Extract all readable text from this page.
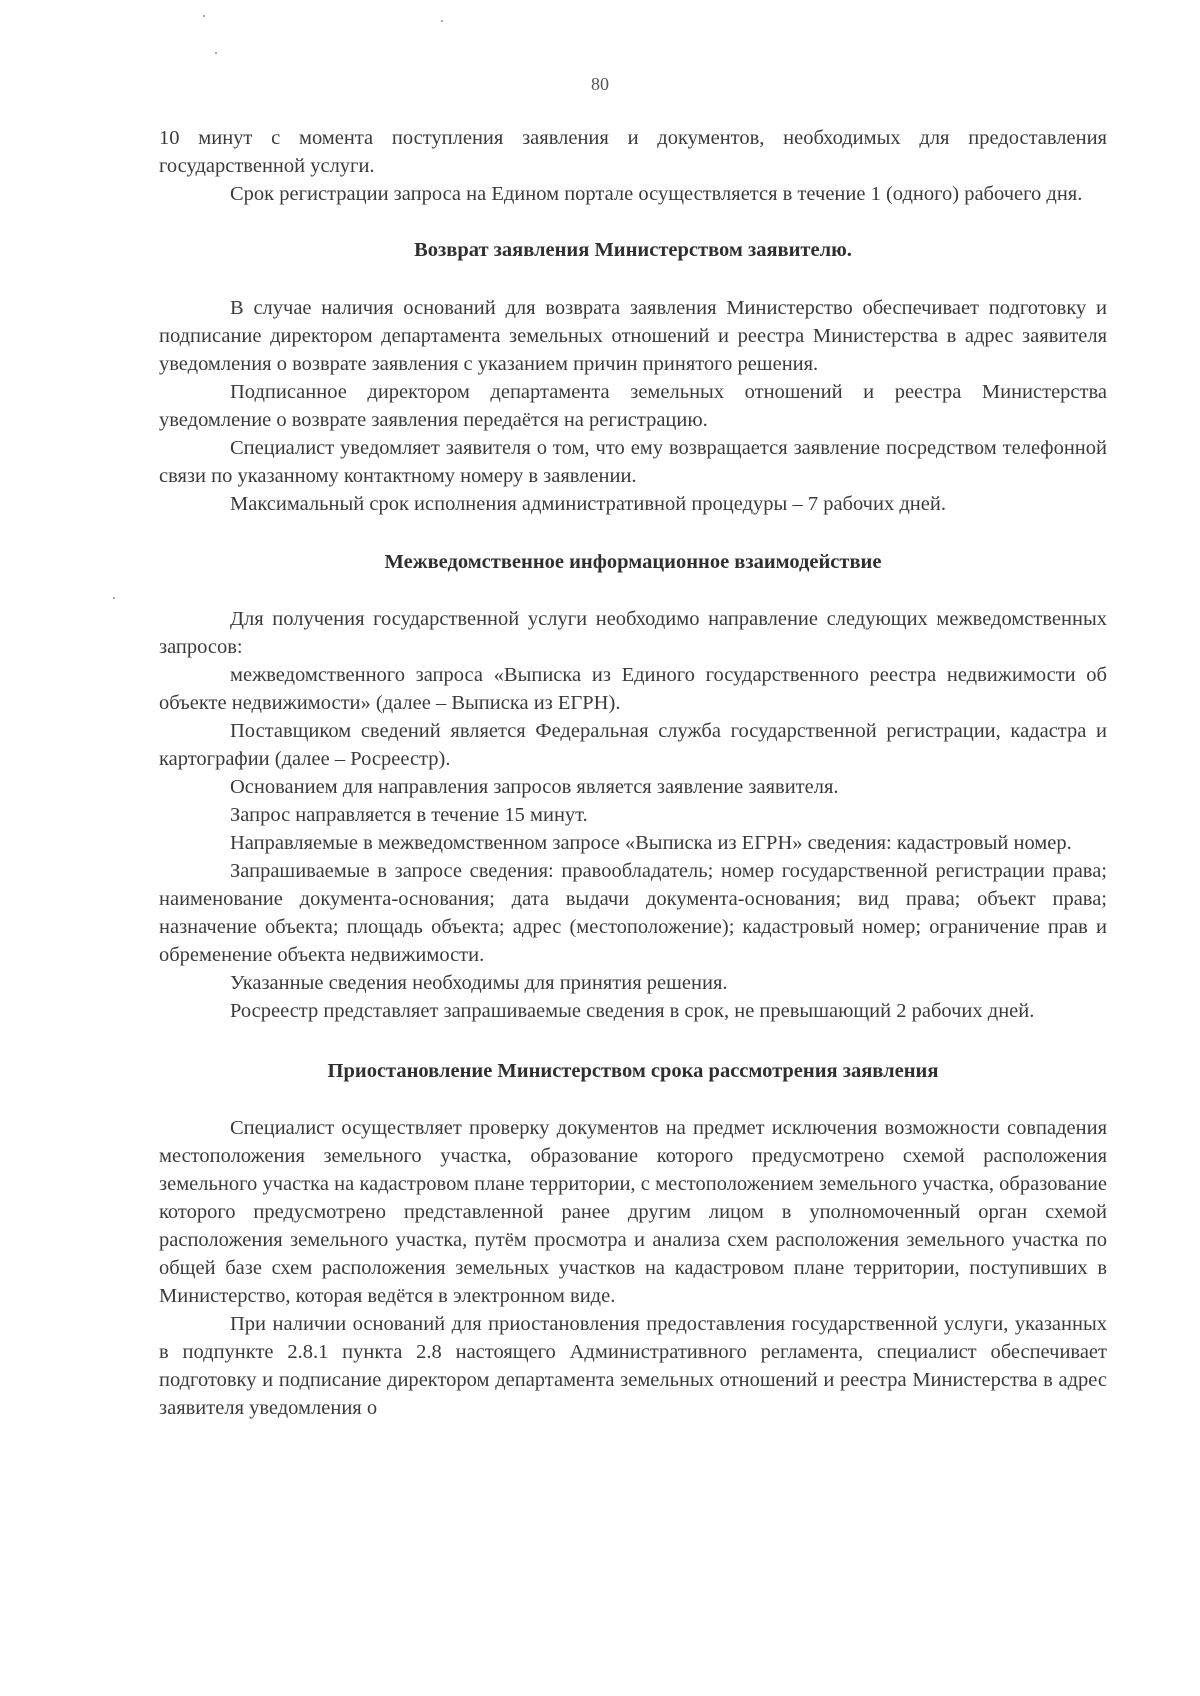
80

10 минут с момента поступления заявления и документов, необходимых для предоставления государственной услуги.

Срок регистрации запроса на Едином портале осуществляется в течение 1 (одного) рабочего дня.

Возврат заявления Министерством заявителю.

В случае наличия оснований для возврата заявления Министерство обеспечивает подготовку и подписание директором департамента земельных отношений и реестра Министерства в адрес заявителя уведомления о возврате заявления с указанием причин принятого решения.

Подписанное директором департамента земельных отношений и реестра Министерства уведомление о возврате заявления передаётся на регистрацию.

Специалист уведомляет заявителя о том, что ему возвращается заявление посредством телефонной связи по указанному контактному номеру в заявлении.

Максимальный срок исполнения административной процедуры – 7 рабочих дней.

Межведомственное информационное взаимодействие

Для получения государственной услуги необходимо направление следующих межведомственных запросов:

межведомственного запроса «Выписка из Единого государственного реестра недвижимости об объекте недвижимости» (далее – Выписка из ЕГРН).

Поставщиком сведений является Федеральная служба государственной регистрации, кадастра и картографии (далее – Росреестр).

Основанием для направления запросов является заявление заявителя.

Запрос направляется в течение 15 минут.

Направляемые в межведомственном запросе «Выписка из ЕГРН» сведения: кадастровый номер.

Запрашиваемые в запросе сведения: правообладатель; номер государственной регистрации права; наименование документа-основания; дата выдачи документа-основания; вид права; объект права; назначение объекта; площадь объекта; адрес (местоположение); кадастровый номер; ограничение прав и обременение объекта недвижимости.

Указанные сведения необходимы для принятия решения.

Росреестр представляет запрашиваемые сведения в срок, не превышающий 2 рабочих дней.

Приостановление Министерством срока рассмотрения заявления

Специалист осуществляет проверку документов на предмет исключения возможности совпадения местоположения земельного участка, образование которого предусмотрено схемой расположения земельного участка на кадастровом плане территории, с местоположением земельного участка, образование которого предусмотрено представленной ранее другим лицом в уполномоченный орган схемой расположения земельного участка, путём просмотра и анализа схем расположения земельного участка по общей базе схем расположения земельных участков на кадастровом плане территории, поступивших в Министерство, которая ведётся в электронном виде.

При наличии оснований для приостановления предоставления государственной услуги, указанных в подпункте 2.8.1 пункта 2.8 настоящего Административного регламента, специалист обеспечивает подготовку и подписание директором департамента земельных отношений и реестра Министерства в адрес заявителя уведомления о
